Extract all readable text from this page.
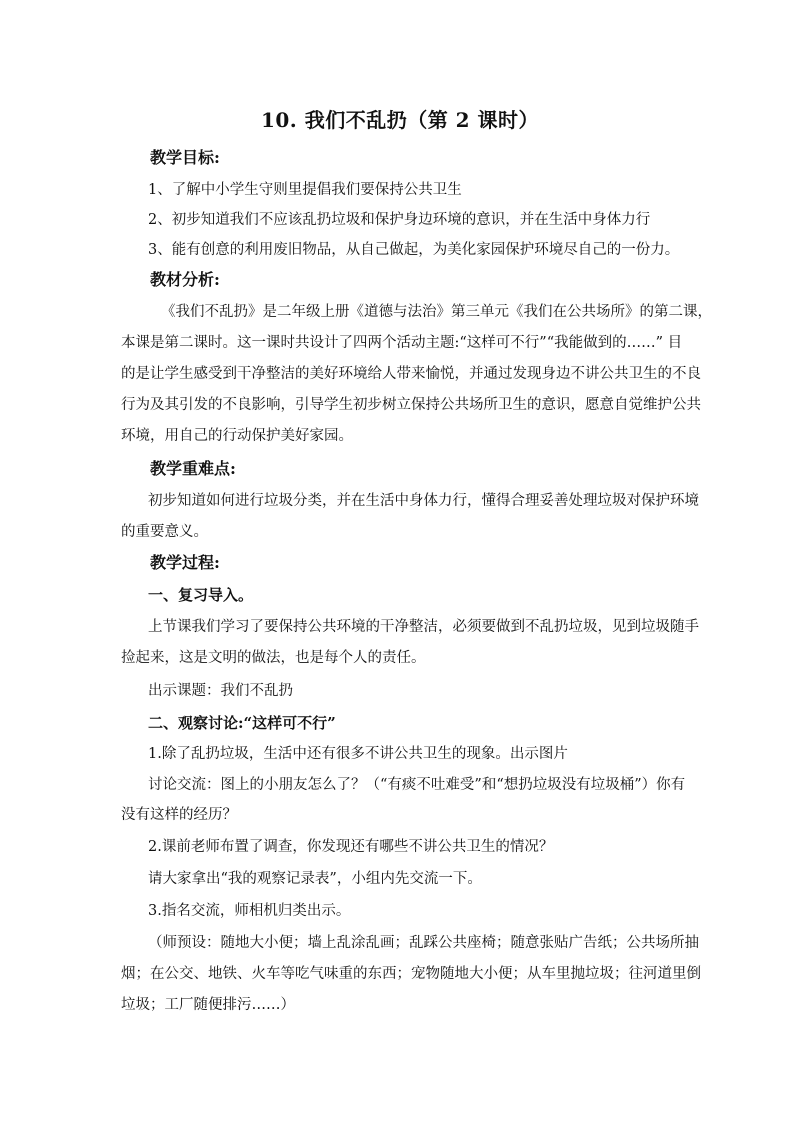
10. 我们不乱扔（第 2 课时）
教学目标:
1、了解中小学生守则里提倡我们要保持公共卫生
2、初步知道我们不应该乱扔垃圾和保护身边环境的意识，并在生活中身体力行
3、能有创意的利用废旧物品，从自己做起，为美化家园保护环境尽自己的一份力。
教材分析:
《我们不乱扔》是二年级上册《道德与法治》第三单元《我们在公共场所》的第二课，
本课是第二课时。这一课时共设计了四两个活动主题:“这样可不行”“我能做到的……” 目
的是让学生感受到干净整洁的美好环境给人带来愉悦，并通过发现身边不讲公共卫生的不良
行为及其引发的不良影响，引导学生初步树立保持公共场所卫生的意识，愿意自觉维护公共
环境，用自己的行动保护美好家园。
教学重难点:
初步知道如何进行垃圾分类，并在生活中身体力行，懂得合理妥善处理垃圾对保护环境
的重要意义。
教学过程:
一、复习导入。
上节课我们学习了要保持公共环境的干净整洁，必须要做到不乱扔垃圾，见到垃圾随手
捡起来，这是文明的做法，也是每个人的责任。
出示课题：我们不乱扔
二、观察讨论:“这样可不行”
1.除了乱扔垃圾，生活中还有很多不讲公共卫生的现象。出示图片
讨论交流：图上的小朋友怎么了？（“有痰不吐难受”和“想扔垃圾没有垃圾桶”）你有
没有这样的经历？
2.课前老师布置了调查，你发现还有哪些不讲公共卫生的情况？
请大家拿出“我的观察记录表”，小组内先交流一下。
3.指名交流，师相机归类出示。
（师预设：随地大小便；墙上乱涂乱画；乱踩公共座椅；随意张贴广告纸；公共场所抽
烟；在公交、地铁、火车等吃气味重的东西；宠物随地大小便；从车里抛垃圾；往河道里倒
垃圾；工厂随便排污……）
